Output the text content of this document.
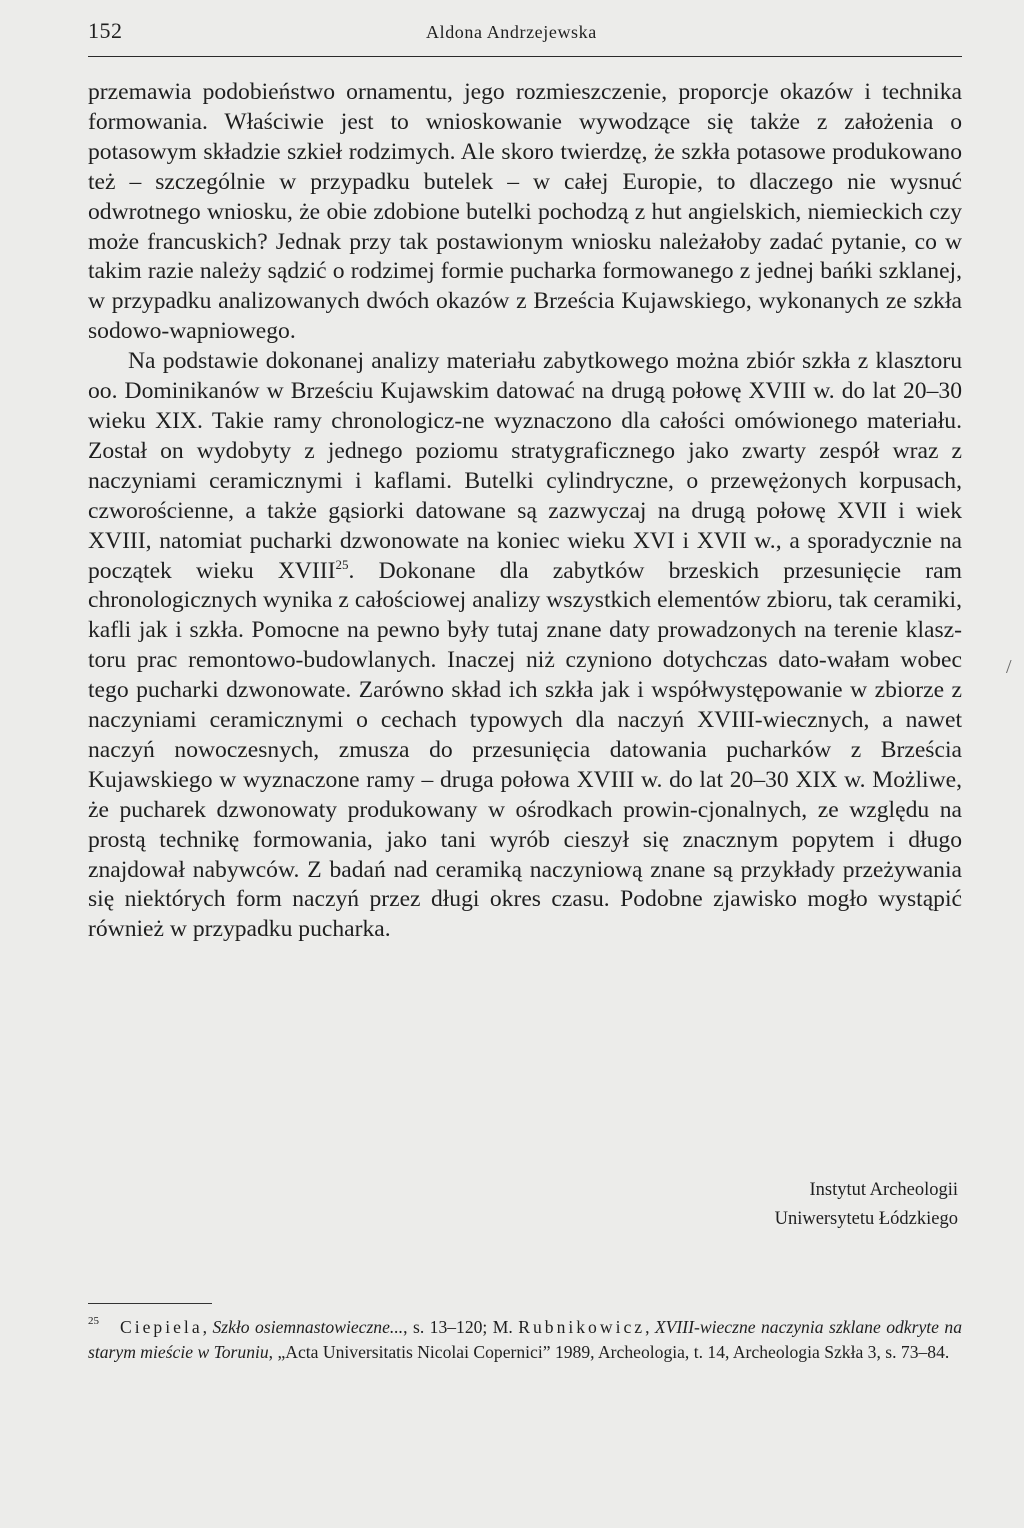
152	Aldona Andrzejewska

przemawia podobieństwo ornamentu, jego rozmieszczenie, proporcje okazów i technika formowania. Właściwie jest to wnioskowanie wywodzące się także z założenia o potasowym składzie szkieł rodzimych. Ale skoro twierdzę, że szkła potasowe produkowano też – szczególnie w przypadku butelek – w całej Europie, to dlaczego nie wysnuć odwrotnego wniosku, że obie zdobione butelki pochodzą z hut angielskich, niemieckich czy może francuskich? Jednak przy tak postawionym wniosku należałoby zadać pytanie, co w takim razie należy sądzić o rodzimej formie pucharka formowanego z jednej bańki szklanej, w przypadku analizowanych dwóch okazów z Brześcia Kujawskiego, wykonanych ze szkła sodowo-wapniowego.

Na podstawie dokonanej analizy materiału zabytkowego można zbiór szkła z klasztoru oo. Dominikanów w Brześciu Kujawskim datować na drugą połowę XVIII w. do lat 20–30 wieku XIX. Takie ramy chronologicz-ne wyznaczono dla całości omówionego materiału. Został on wydobyty z jednego poziomu stratygraficznego jako zwarty zespół wraz z naczyniami ceramicznymi i kaflami. Butelki cylindryczne, o przewężonych korpusach, czworościenne, a także gąsiorki datowane są zazwyczaj na drugą połowę XVII i wiek XVIII, natomiat pucharki dzwonowate na koniec wieku XVI i XVII w., a sporadycznie na początek wieku XVIII$^{25}$. Dokonane dla zabytków brzeskich przesunięcie ram chronologicznych wynika z całościowej analizy wszystkich elementów zbioru, tak ceramiki, kafli jak i szkła. Pomocne na pewno były tutaj znane daty prowadzonych na terenie klasz-toru prac remontowo-budowlanych. Inaczej niż czyniono dotychczas dato-wałam wobec tego pucharki dzwonowate. Zarówno skład ich szkła jak i współwystępowanie w zbiorze z naczyniami ceramicznymi o cechach typowych dla naczyń XVIII-wiecznych, a nawet naczyń nowoczesnych, zmusza do przesunięcia datowania pucharków z Brześcia Kujawskiego w wyznaczone ramy – druga połowa XVIII w. do lat 20–30 XIX w. Możliwe, że pucharek dzwonowaty produkowany w ośrodkach prowin-cjonalnych, ze względu na prostą technikę formowania, jako tani wyrób cieszył się znacznym popytem i długo znajdował nabywców. Z badań nad ceramiką naczyniową znane są przykłady przeżywania się niektórych form naczyń przez długi okres czasu. Podobne zjawisko mogło wystąpić również w przypadku pucharka.

Instytut Archeologii
Uniwersytetu Łódzkiego
25	Ciepiela, Szkło osiemnastowieczne..., s. 13–120; M. Rubnikowicz, XVIII-wieczne naczynia szklane odkryte na starym mieście w Toruniu, „Acta Universitatis Nicolai Copernici” 1989, Archeologia, t. 14, Archeologia Szkła 3, s. 73–84.

/
